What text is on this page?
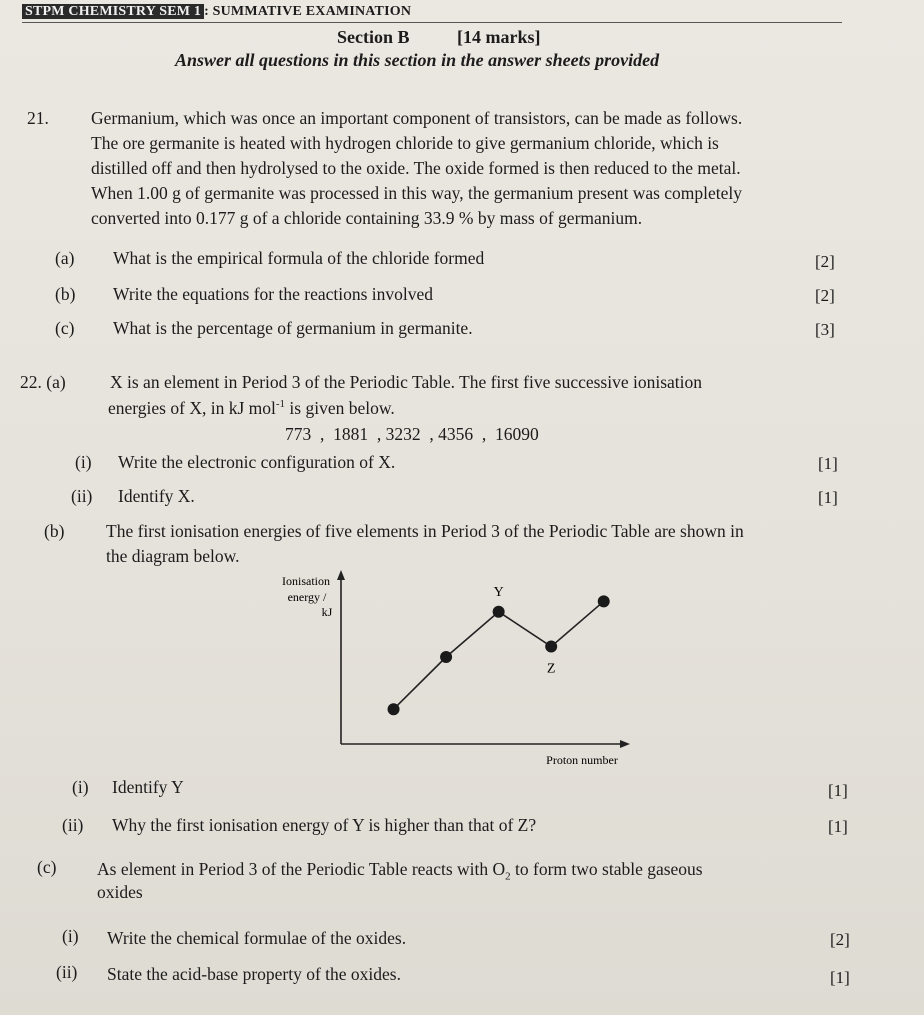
STPM CHEMISTRY SEM 1 : SUMMATIVE EXAMINATION
Section B	[14 marks]
Answer all questions in this section in the answer sheets provided
21. Germanium, which was once an important component of transistors, can be made as follows.
The ore germanite is heated with hydrogen chloride to give germanium chloride, which is
distilled off and then hydrolysed to the oxide. The oxide formed is then reduced to the metal.
When 1.00 g of germanite was processed in this way, the germanium present was completely
converted into 0.177 g of a chloride containing 33.9 % by mass of germanium.
(a) What is the empirical formula of the chloride formed	[2]
(b) Write the equations for the reactions involved	[2]
(c) What is the percentage of germanium in germanite.	[3]
22. (a)	X is an element in Period 3 of the Periodic Table. The first five successive ionisation
energies of X, in kJ mol$^{-1}$ is given below.
773  ,  1881  , 3232  , 4356  ,  16090
(i) Write the electronic configuration of X.	[1]
(ii) Identify X.	[1]
(b) The first ionisation energies of five elements in Period 3 of the Periodic Table are shown in
the diagram below.
Ionisation
energy /
kJ
Proton number
Y
Z
(i) Identify Y	[1]
(ii) Why the first ionisation energy of Y is higher than that of Z?	[1]
(c) As element in Period 3 of the Periodic Table reacts with $O_2$ to form two stable gaseous
oxides
(i) Write the chemical formulae of the oxides.	[2]
(ii) State the acid-base property of the oxides.	[1]
